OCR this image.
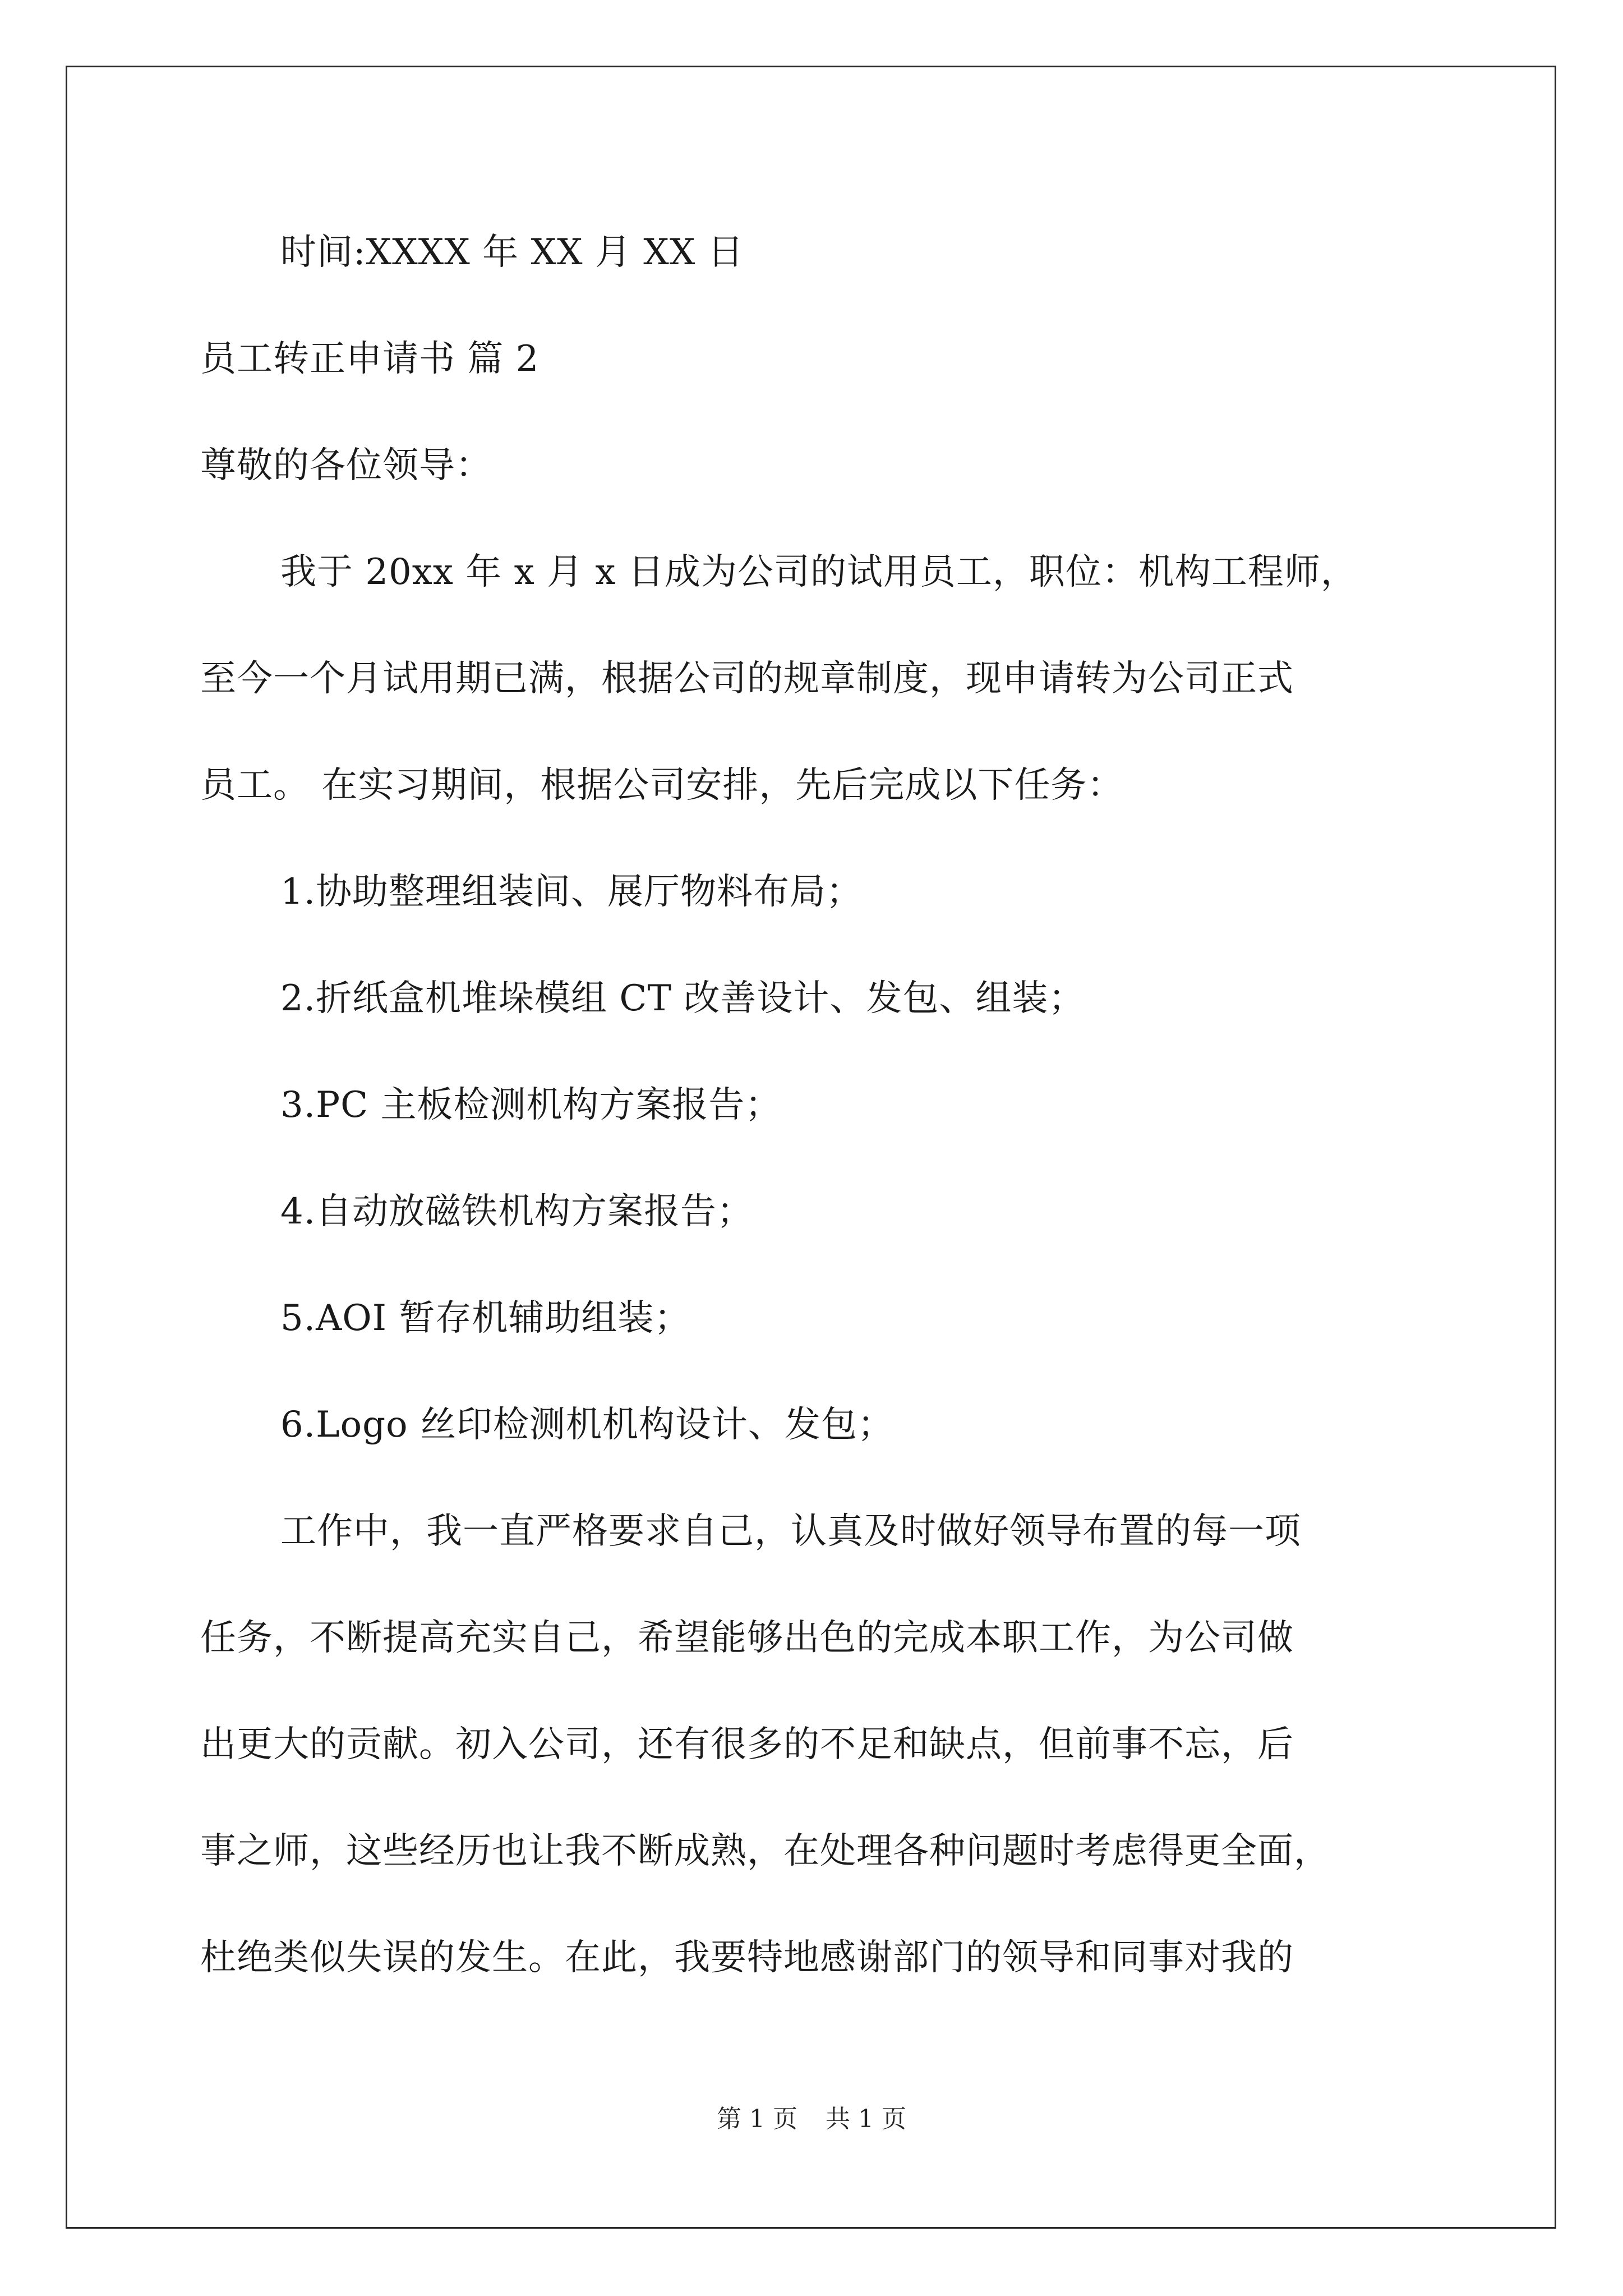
时间:XXXX 年 XX 月 XX 日
员工转正申请书 篇 2
尊敬的各位领导：
我于 20xx 年 x 月 x 日成为公司的试用员工，职位：机构工程师，
至今一个月试用期已满，根据公司的规章制度，现申请转为公司正式
员工。 在实习期间，根据公司安排，先后完成以下任务：
1.协助整理组装间、展厅物料布局；
2.折纸盒机堆垛模组 CT 改善设计、发包、组装；
3.PC 主板检测机构方案报告；
4.自动放磁铁机构方案报告；
5.AOI 暂存机辅助组装；
6.Logo 丝印检测机机构设计、发包；
工作中，我一直严格要求自己，认真及时做好领导布置的每一项
任务，不断提高充实自己，希望能够出色的完成本职工作，为公司做
出更大的贡献。初入公司，还有很多的不足和缺点，但前事不忘，后
事之师，这些经历也让我不断成熟，在处理各种问题时考虑得更全面，
杜绝类似失误的发生。在此，我要特地感谢部门的领导和同事对我的
第 1 页 共 1 页
